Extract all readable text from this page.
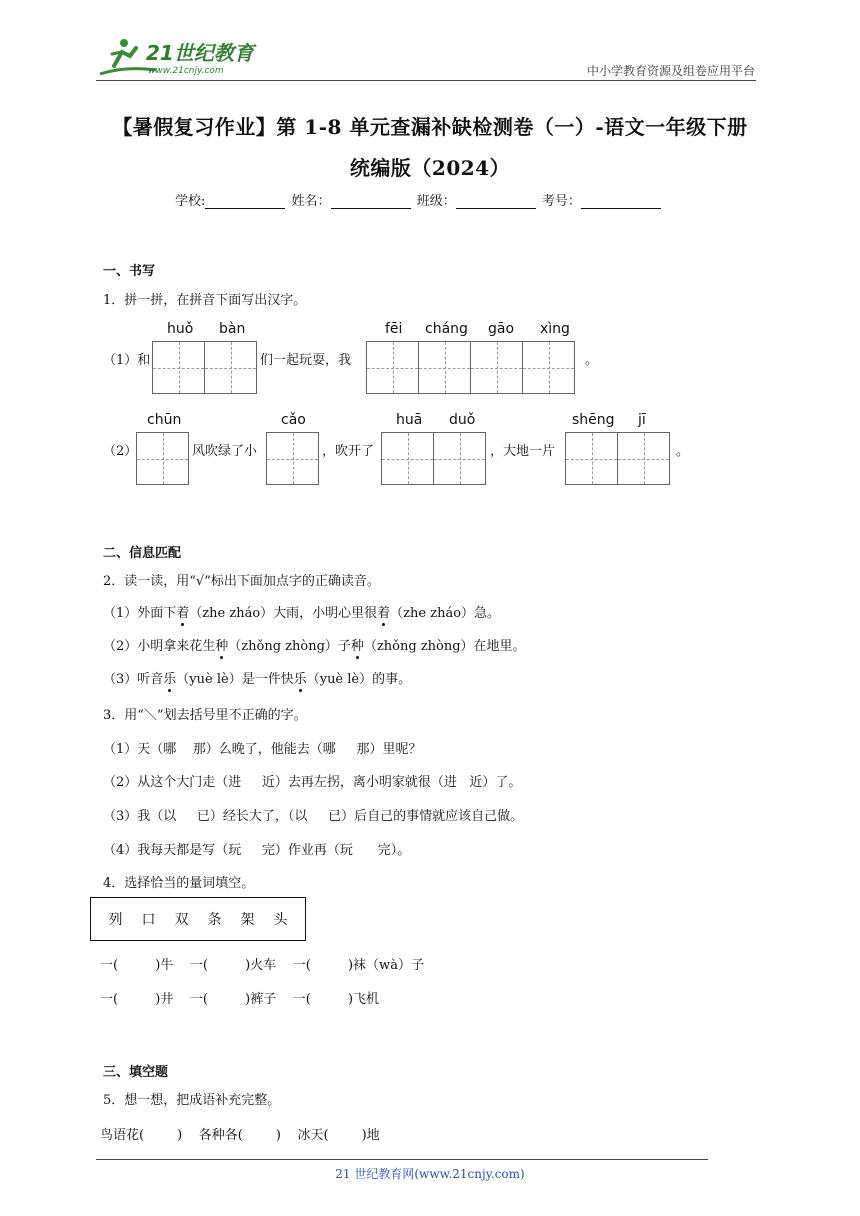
21世纪教育
www.21cnjy.com	中小学教育资源及组卷应用平台
【暑假复习作业】第 1-8 单元查漏补缺检测卷（一）-语文一年级下册
统编版（2024）
学校:	姓名：	班级：	考号：
一、书写
1．拼一拼，在拼音下面写出汉字。
（1）和
huǒ bàn
们一起玩耍，我
fēi cháng gāo xìng
。
（2）
chūn
风吹绿了小
cǎo
，吹开了
huā duǒ
，大地一片
shēng jī
。
二、信息匹配
2．读一读，用“√”标出下面加点字的正确读音。
（1）外面下着（zhe zháo）大雨，小明心里很着（zhe zháo）急。
（2）小明拿来花生种（zhǒng zhòng）子种（zhǒng zhòng）在地里。
（3）听音乐（yuè lè）是一件快乐（yuè lè）的事。
3．用“＼”划去括号里不正确的字。
（1）天（哪    那）么晚了，他能去（哪     那）里呢？
（2）从这个大门走（进     近）去再左拐，离小明家就很（进   近）了。
（3）我（以     已）经长大了，（以     已）后自己的事情就应该自己做。
（4）我每天都是写（玩     完）作业再（玩      完）。
4．选择恰当的量词填空。
列 口 双 条 架 头
一(         )牛    一(         )火车    一(         )袜（wà）子
一(         )井    一(         )裤子    一(         )飞机
三、填空题
5．想一想，把成语补充完整。
鸟语花(        )    各种各(        )    冰天(        )地
21 世纪教育网(www.21cnjy.com)
